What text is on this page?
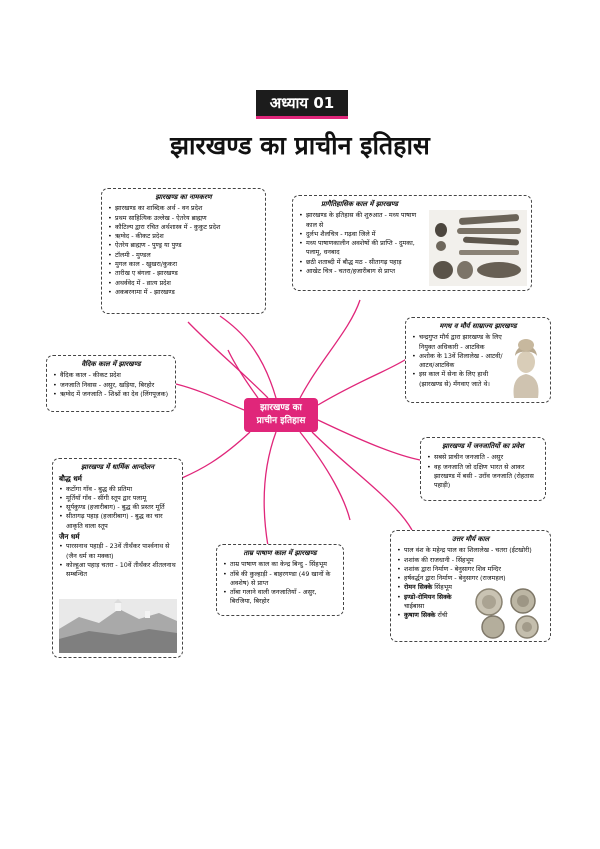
अध्याय 01
झारखण्ड का प्राचीन इतिहास
झारखण्ड का
प्राचीन इतिहास
झारखण्ड का नामकरण
• झारखण्ड का शाब्दिक अर्थ - वन प्रदेश
• प्रथम साहित्यिक उल्लेख - ऐतरेय ब्राह्मण
• कौटिल्य द्वारा रचित अर्थशास्त्र में - कुकुट प्रदेश
• ऋग्वेद - कीकट प्रदेश
• ऐतरेय ब्राह्मण - पुण्ड्र या पुण्ड
• टॉलमी - मुण्डल
• मुगल काल - खुखरा/कुकरा
• तारीख ए बंगला - झारखण्ड
• अथर्ववेद में - व्रात्य प्रदेश
• अकबरनामा में - झारखण्ड
प्रागैतिहासिक काल में झारखण्ड
• झारखण्ड के इतिहास की शुरुआत - मध्य पाषाण काल से
• दुर्लभ शैलचित्र - गढ़वा जिले में
• मध्य पाषाणकालीन अवशेषों की प्राप्ति - दुमका, पलामू, धनबाद
• छठी शताब्दी में बौद्ध मठ - सीतागढ़ पहाड़
• आखेट चित्र - चतरा/हजारीबाग से प्राप्त
मगध व मौर्य साम्राज्य झारखण्ड
• चन्द्रगुप्त मौर्य द्वारा झारखण्ड के लिए नियुक्त अधिकारी - आटविक
• अशोक के 13वें शिलालेख - आटवी/आटव/आटविक
• इस काल में सेना के लिए हाथी (झारखण्ड से) मँगवाए जाते थे।
वैदिक काल में झारखण्ड
• वैदिक काल - कीकट प्रदेश
• जनजाति निवास - असुर, खड़िया, बिरहोर
• ऋग्वेद में जनजाति - शिश्नों का देव (लिंगपूजक)
झारखण्ड में जनजातियों का प्रवेश
• सबसे प्राचीन जनजाति - असुर
• वह जनजाति जो दक्षिण भारत से आकर झारखण्ड में बसी - उराँव जनजाति (रोहतास पहाड़ी)
झारखण्ड में धार्मिक आन्दोलन
बौद्ध धर्म
• कटोंगा गाँव - बुद्ध की प्रतिमा
• मूर्तियाँ गाँव - सींगी स्तूप द्वार पलामू
• सूर्यकुण्ड (हजारीबाग) - बुद्ध की प्रस्तर मूर्ति
• सीतागढ़ पहाड़ (हजारीबाग) - बुद्ध का चार आकृति वाला स्तूप
जैन धर्म
• पारसनाथ पहाड़ी - 23वें तीर्थंकर पार्श्वनाथ से (जैन धर्म का मक्का)
• कोल्हुआ पहाड़ चतरा - 10वें तीर्थंकर शीतलनाथ सम्बन्धित
ताम्र पाषाण काल में झारखण्ड
• ताम्र पाषाण काल का केन्द्र बिन्दु - सिंहभूम
• ताँबे की कुल्हाड़ी - बाहरगण्डा (49 खानों के अवशेष) से प्राप्त
• ताँबा गलाने वाली जनजातियाँ - असुर, बिरजिया, बिरहोर
उत्तर मौर्य काल
• पाल वंश के महेन्द्र पाल का शिलालेख - चतरा (ईटखोरी)
• शशांक की राजधानी - सिंहभूम
• शशांक द्वारा निर्माण - बेनुसागर शिव मन्दिर
• हर्षवर्द्धन द्वारा निर्माण - बेनुसागर (राजमहल)
• रोमन सिक्के सिंहभूम
• इण्डो-रोमियन सिक्के चाईबासा
• कुषाण सिक्के राँची
